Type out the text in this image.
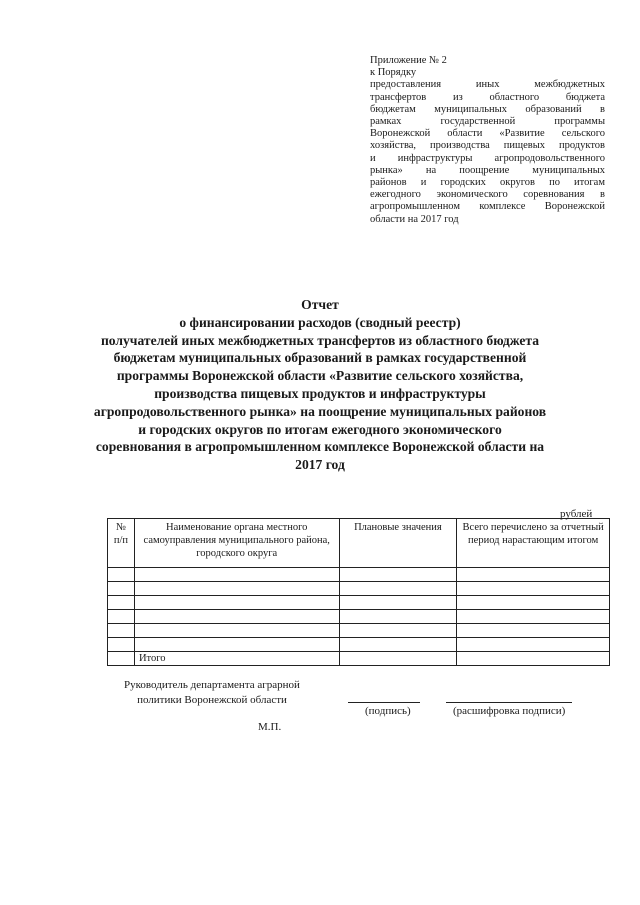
Приложение № 2
к Порядку
предоставления иных межбюджетных
трансфертов из областного бюджета
бюджетам муниципальных образований в
рамках государственной программы
Воронежской области «Развитие сельского
хозяйства, производства пищевых продуктов
и инфраструктуры агропродовольственного
рынка» на поощрение муниципальных
районов и городских округов по итогам
ежегодного экономического соревнования в
агропромышленном комплексе Воронежской
области на 2017 год
Отчет
о финансировании расходов (сводный реестр)
получателей иных межбюджетных трансфертов из областного бюджета
бюджетам муниципальных образований в рамках государственной
программы Воронежской области «Развитие сельского хозяйства,
производства пищевых продуктов и инфраструктуры
агропродовольственного рынка» на поощрение муниципальных районов
и городских округов по итогам ежегодного экономического
соревнования в агропромышленном комплексе Воронежской области на
2017 год
рублей
№ п/п	Наименование органа местного самоуправления муниципального района, городского округа	Плановые значения	Всего перечислено за отчетный период нарастающим итогом

	Итого		
Руководитель департамента аграрной политики Воронежской области
(подпись)	(расшифровка подписи)
М.П.
